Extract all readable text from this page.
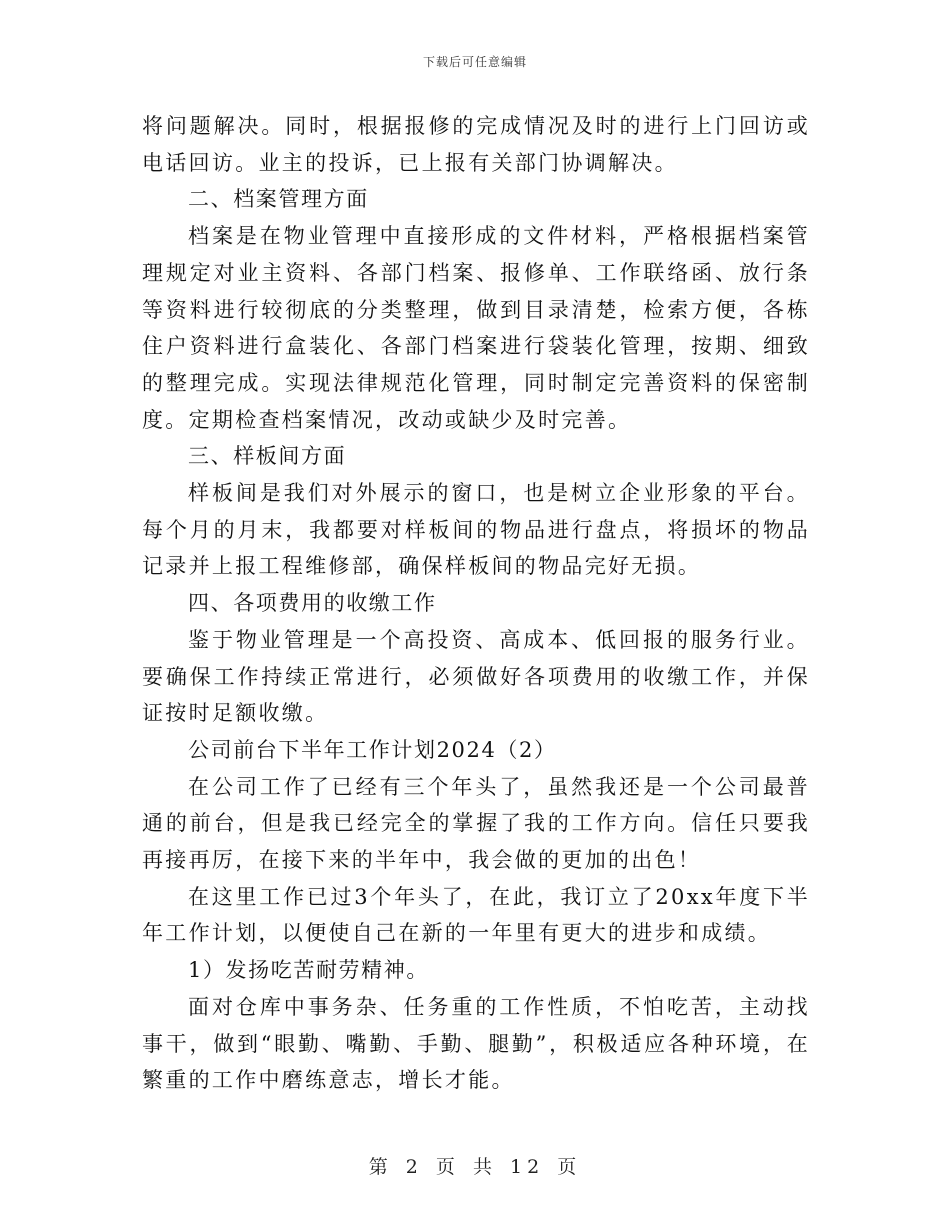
下载后可任意编辑

将问题解决。同时，根据报修的完成情况及时的进行上门回访或电话回访。业主的投诉，已上报有关部门协调解决。

二、档案管理方面

档案是在物业管理中直接形成的文件材料，严格根据档案管理规定对业主资料、各部门档案、报修单、工作联络函、放行条等资料进行较彻底的分类整理，做到目录清楚，检索方便，各栋住户资料进行盒装化、各部门档案进行袋装化管理，按期、细致的整理完成。实现法律规范化管理，同时制定完善资料的保密制度。定期检查档案情况，改动或缺少及时完善。

三、样板间方面

样板间是我们对外展示的窗口，也是树立企业形象的平台。每个月的月末，我都要对样板间的物品进行盘点，将损坏的物品记录并上报工程维修部，确保样板间的物品完好无损。

四、各项费用的收缴工作

鉴于物业管理是一个高投资、高成本、低回报的服务行业。要确保工作持续正常进行，必须做好各项费用的收缴工作，并保证按时足额收缴。

公司前台下半年工作计划2024（2）

在公司工作了已经有三个年头了，虽然我还是一个公司最普通的前台，但是我已经完全的掌握了我的工作方向。信任只要我再接再厉，在接下来的半年中，我会做的更加的出色！

在这里工作已过3个年头了，在此，我订立了20xx年度下半年工作计划，以便使自己在新的一年里有更大的进步和成绩。

1）发扬吃苦耐劳精神。

面对仓库中事务杂、任务重的工作性质，不怕吃苦，主动找事干，做到“眼勤、嘴勤、手勤、腿勤”，积极适应各种环境，在繁重的工作中磨练意志，增长才能。

第 2 页 共 12 页
